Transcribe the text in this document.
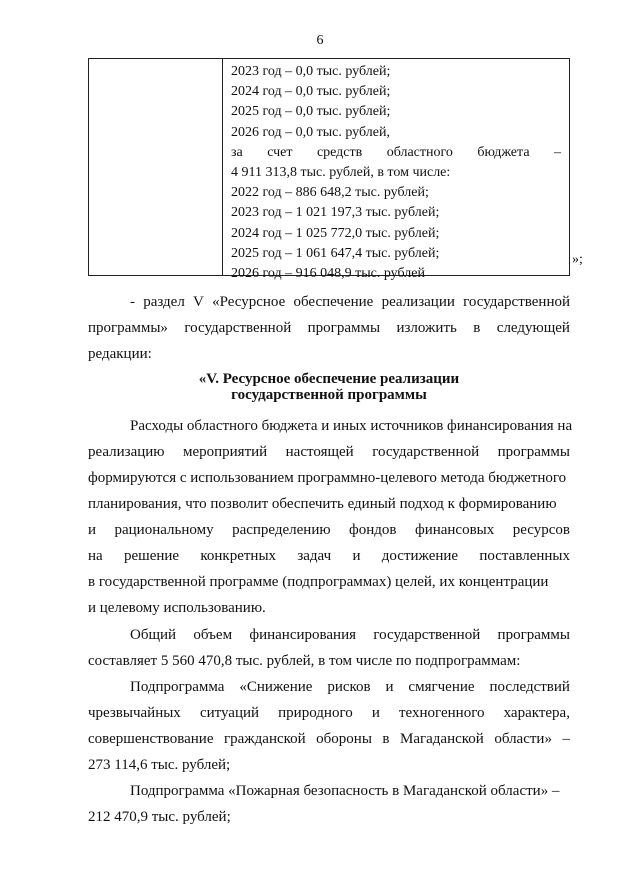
6
2023 год – 0,0 тыс. рублей;
2024 год – 0,0 тыс. рублей;
2025 год – 0,0 тыс. рублей;
2026 год – 0,0 тыс. рублей,
за счет средств областного бюджета –
4 911 313,8 тыс. рублей, в том числе:
2022 год – 886 648,2 тыс. рублей;
2023 год – 1 021 197,3 тыс. рублей;
2024 год – 1 025 772,0 тыс. рублей;
2025 год – 1 061 647,4 тыс. рублей;
2026 год – 916 048,9 тыс. рублей
»;
- раздел V «Ресурсное обеспечение реализации государственной
программы» государственной программы изложить в следующей
редакции:
«V. Ресурсное обеспечение реализации
государственной программы
Расходы областного бюджета и иных источников финансирования на
реализацию мероприятий настоящей государственной программы
формируются с использованием программно-целевого метода бюджетного
планирования, что позволит обеспечить единый подход к формированию
и рациональному распределению фондов финансовых ресурсов
на решение конкретных задач и достижение поставленных
в государственной программе (подпрограммах) целей, их концентрации
и целевому использованию.
Общий объем финансирования государственной программы
составляет 5 560 470,8 тыс. рублей, в том числе по подпрограммам:
Подпрограмма «Снижение рисков и смягчение последствий
чрезвычайных ситуаций природного и техногенного характера,
совершенствование гражданской обороны в Магаданской области» –
273 114,6 тыс. рублей;
Подпрограмма «Пожарная безопасность в Магаданской области» –
212 470,9 тыс. рублей;
